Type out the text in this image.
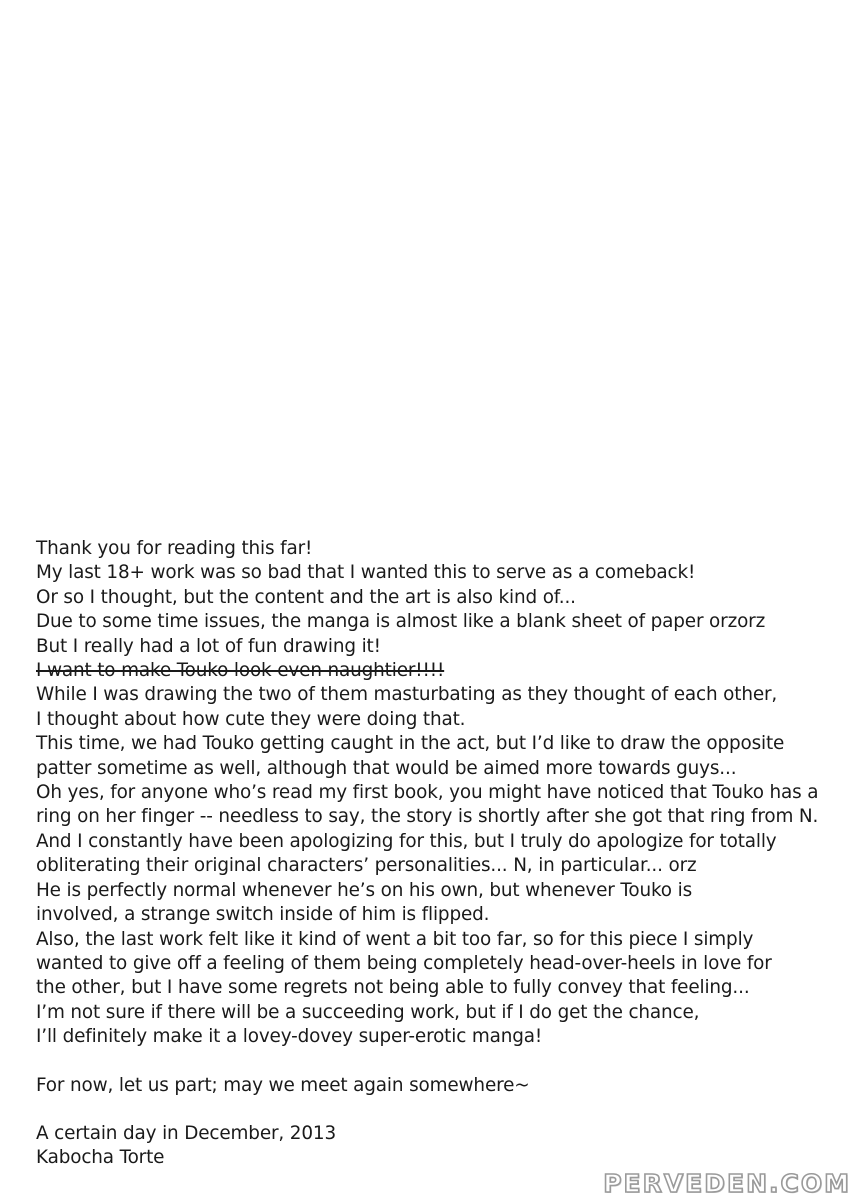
Thank you for reading this far!
My last 18+ work was so bad that I wanted this to serve as a comeback!
Or so I thought, but the content and the art is also kind of...
Due to some time issues, the manga is almost like a blank sheet of paper orzorz
But I really had a lot of fun drawing it!
I want to make Touko look even naughtier!!!!
While I was drawing the two of them masturbating as they thought of each other,
I thought about how cute they were doing that.
This time, we had Touko getting caught in the act, but I’d like to draw the opposite
patter sometime as well, although that would be aimed more towards guys...
Oh yes, for anyone who’s read my first book, you might have noticed that Touko has a
ring on her finger -- needless to say, the story is shortly after she got that ring from N.
And I constantly have been apologizing for this, but I truly do apologize for totally
obliterating their original characters’ personalities... N, in particular... orz
He is perfectly normal whenever he’s on his own, but whenever Touko is
involved, a strange switch inside of him is flipped.
Also, the last work felt like it kind of went a bit too far, so for this piece I simply
wanted to give off a feeling of them being completely head-over-heels in love for
the other, but I have some regrets not being able to fully convey that feeling...
I’m not sure if there will be a succeeding work, but if I do get the chance,
I’ll definitely make it a lovey-dovey super-erotic manga!
For now, let us part; may we meet again somewhere~
A certain day in December, 2013
Kabocha Torte
PERVEDEN.COM
